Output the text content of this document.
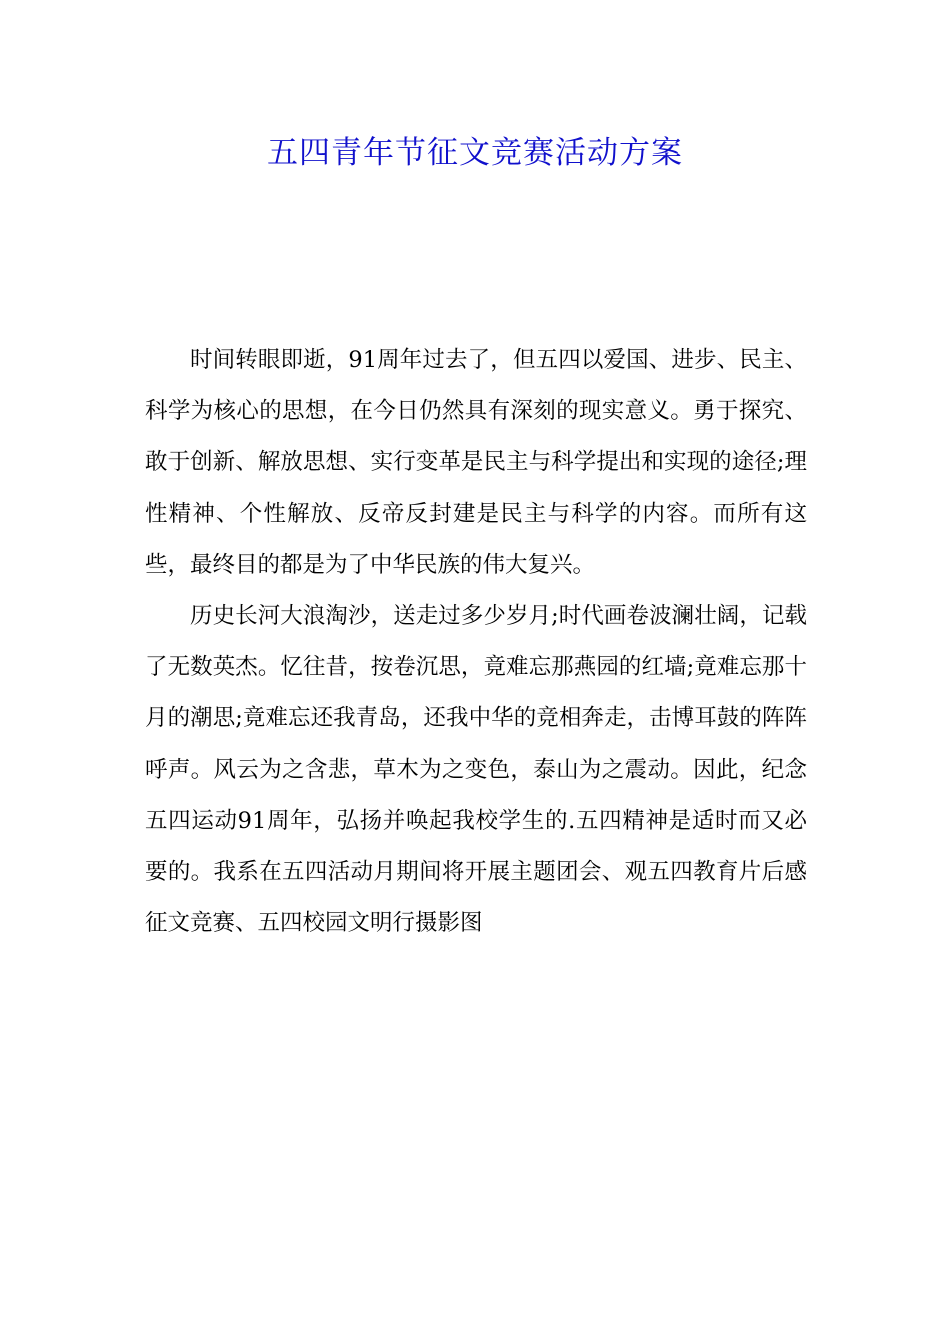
五四青年节征文竞赛活动方案

时间转眼即逝，91周年过去了，但五四以爱国、进步、民主、科学为核心的思想，在今日仍然具有深刻的现实意义。勇于探究、敢于创新、解放思想、实行变革是民主与科学提出和实现的途径;理性精神、个性解放、反帝反封建是民主与科学的内容。而所有这些，最终目的都是为了中华民族的伟大复兴。

历史长河大浪淘沙，送走过多少岁月;时代画卷波澜壮阔，记载了无数英杰。忆往昔，按卷沉思，竟难忘那燕园的红墙;竟难忘那十月的潮思;竟难忘还我青岛，还我中华的竞相奔走，击博耳鼓的阵阵呼声。风云为之含悲，草木为之变色，泰山为之震动。因此，纪念五四运动91周年，弘扬并唤起我校学生的.五四精神是适时而又必要的。我系在五四活动月期间将开展主题团会、观五四教育片后感征文竞赛、五四校园文明行摄影图
